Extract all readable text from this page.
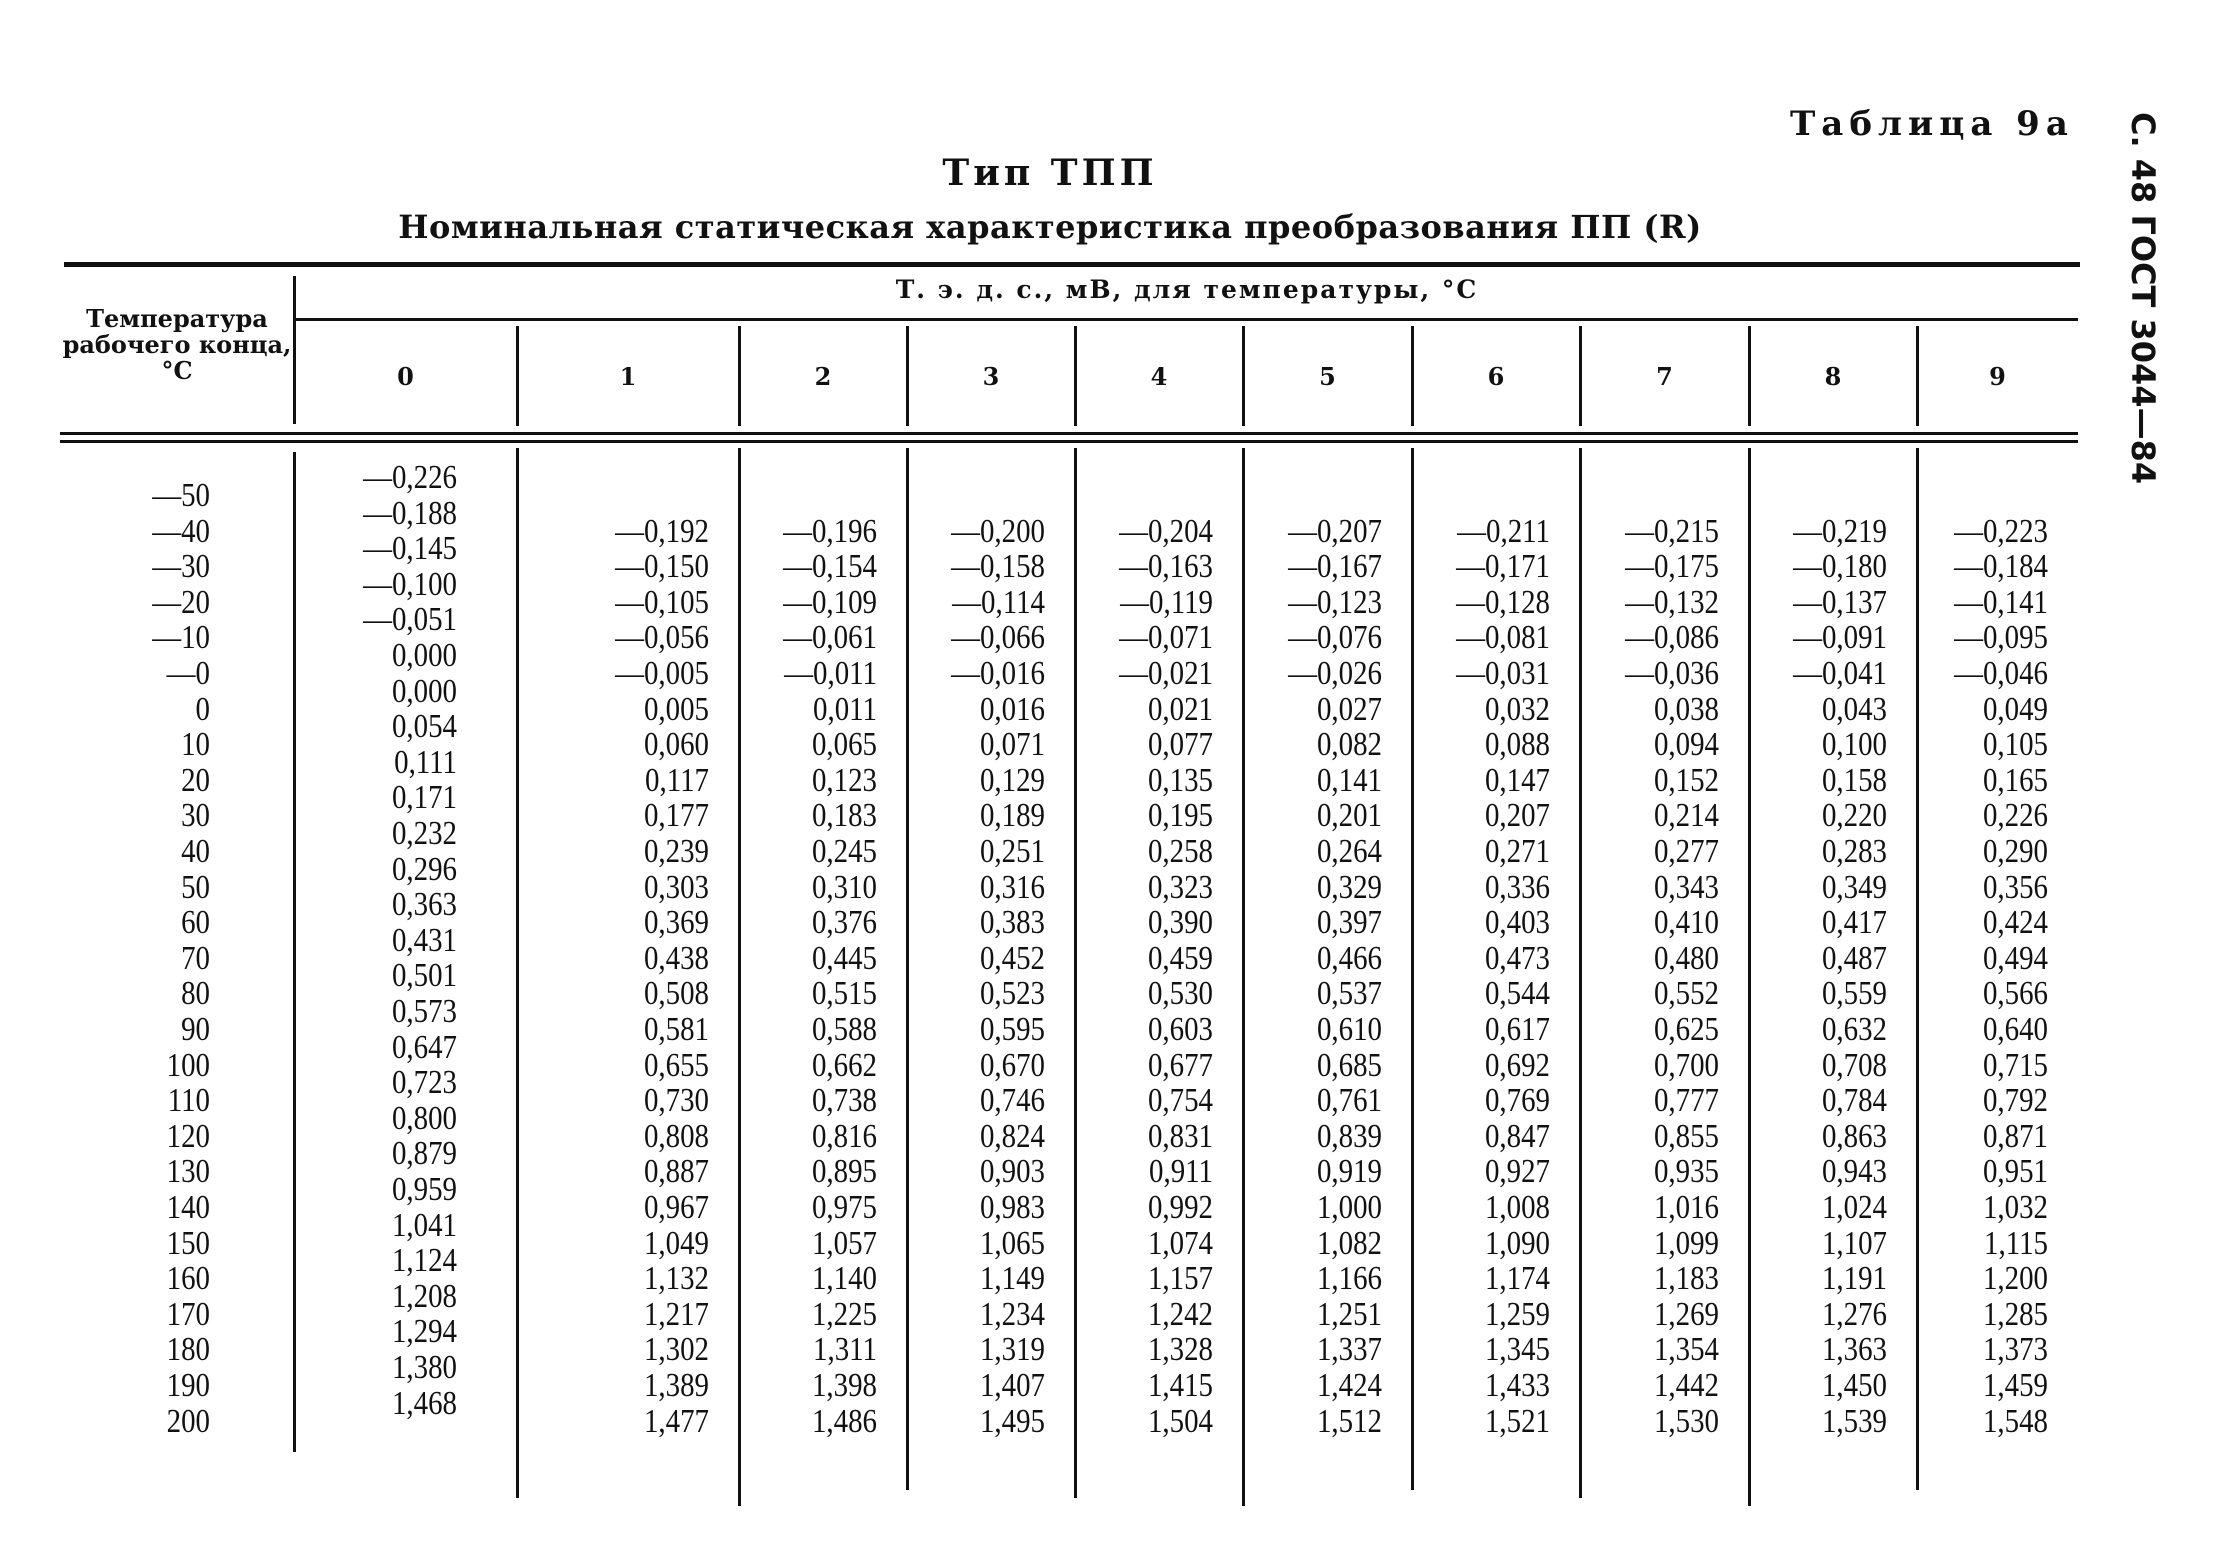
Таблица 9а С. 48 ГОСТ 3044—84
Тип ТПП
Номинальная статическая характеристика преобразования ПП (R)
Температура рабочего конца, °С
Т. э. д. с., мВ, для температуры, °С
0	1	2	3	4	5	6	7	8	9
—50	—0,226
—40	—0,188	—0,192	—0,196	—0,200	—0,204	—0,207	—0,211	—0,215	—0,219	—0,223
—30	—0,145	—0,150	—0,154	—0,158	—0,163	—0,167	—0,171	—0,175	—0,180	—0,184
—20	—0,100	—0,105	—0,109	—0,114	—0,119	—0,123	—0,128	—0,132	—0,137	—0,141
—10	—0,051	—0,056	—0,061	—0,066	—0,071	—0,076	—0,081	—0,086	—0,091	—0,095
—0	0,000	—0,005	—0,011	—0,016	—0,021	—0,026	—0,031	—0,036	—0,041	—0,046
0	0,000	0,005	0,011	0,016	0,021	0,027	0,032	0,038	0,043	0,049
10	0,054	0,060	0,065	0,071	0,077	0,082	0,088	0,094	0,100	0,105
20	0,111	0,117	0,123	0,129	0,135	0,141	0,147	0,152	0,158	0,165
30	0,171	0,177	0,183	0,189	0,195	0,201	0,207	0,214	0,220	0,226
40	0,232	0,239	0,245	0,251	0,258	0,264	0,271	0,277	0,283	0,290
50	0,296	0,303	0,310	0,316	0,323	0,329	0,336	0,343	0,349	0,356
60	0,363	0,369	0,376	0,383	0,390	0,397	0,403	0,410	0,417	0,424
70	0,431	0,438	0,445	0,452	0,459	0,466	0,473	0,480	0,487	0,494
80	0,501	0,508	0,515	0,523	0,530	0,537	0,544	0,552	0,559	0,566
90	0,573	0,581	0,588	0,595	0,603	0,610	0,617	0,625	0,632	0,640
100	0,647	0,655	0,662	0,670	0,677	0,685	0,692	0,700	0,708	0,715
110	0,723	0,730	0,738	0,746	0,754	0,761	0,769	0,777	0,784	0,792
120	0,800	0,808	0,816	0,824	0,831	0,839	0,847	0,855	0,863	0,871
130	0,879	0,887	0,895	0,903	0,911	0,919	0,927	0,935	0,943	0,951
140	0,959	0,967	0,975	0,983	0,992	1,000	1,008	1,016	1,024	1,032
150	1,041	1,049	1,057	1,065	1,074	1,082	1,090	1,099	1,107	1,115
160	1,124	1,132	1,140	1,149	1,157	1,166	1,174	1,183	1,191	1,200
170	1,208	1,217	1,225	1,234	1,242	1,251	1,259	1,269	1,276	1,285
180	1,294	1,302	1,311	1,319	1,328	1,337	1,345	1,354	1,363	1,373
190	1,380	1,389	1,398	1,407	1,415	1,424	1,433	1,442	1,450	1,459
200	1,468	1,477	1,486	1,495	1,504	1,512	1,521	1,530	1,539	1,548
